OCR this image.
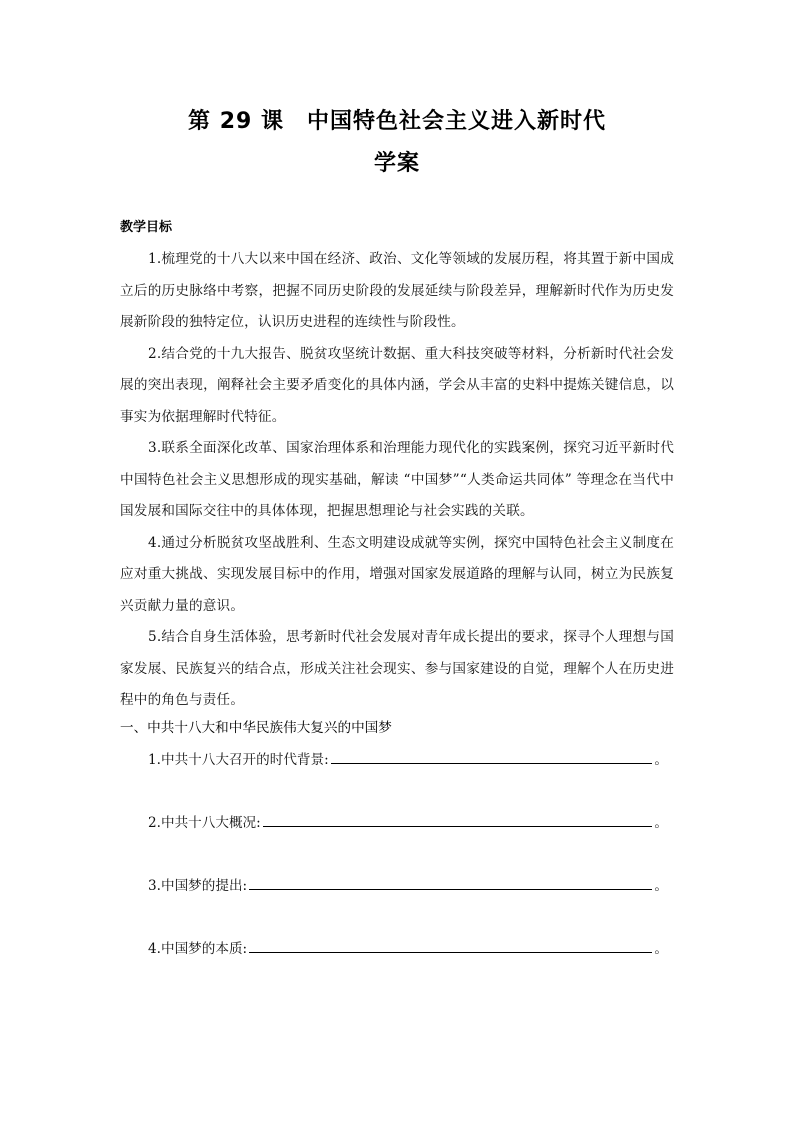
第 29 课　中国特色社会主义进入新时代
学案
教学目标

1.梳理党的十八大以来中国在经济、政治、文化等领域的发展历程，将其置于新中国成立后的历史脉络中考察，把握不同历史阶段的发展延续与阶段差异，理解新时代作为历史发展新阶段的独特定位，认识历史进程的连续性与阶段性。

2.结合党的十九大报告、脱贫攻坚统计数据、重大科技突破等材料，分析新时代社会发展的突出表现，阐释社会主要矛盾变化的具体内涵，学会从丰富的史料中提炼关键信息，以事实为依据理解时代特征。

3.联系全面深化改革、国家治理体系和治理能力现代化的实践案例，探究习近平新时代中国特色社会主义思想形成的现实基础，解读 “中国梦”“人类命运共同体” 等理念在当代中国发展和国际交往中的具体体现，把握思想理论与社会实践的关联。

4.通过分析脱贫攻坚战胜利、生态文明建设成就等实例，探究中国特色社会主义制度在应对重大挑战、实现发展目标中的作用，增强对国家发展道路的理解与认同，树立为民族复兴贡献力量的意识。

5.结合自身生活体验，思考新时代社会发展对青年成长提出的要求，探寻个人理想与国家发展、民族复兴的结合点，形成关注社会现实、参与国家建设的自觉，理解个人在历史进程中的角色与责任。

一、中共十八大和中华民族伟大复兴的中国梦
1.中共十八大召开的时代背景:	。
2.中共十八大概况:	。
3.中国梦的提出:	。
4.中国梦的本质:	。
